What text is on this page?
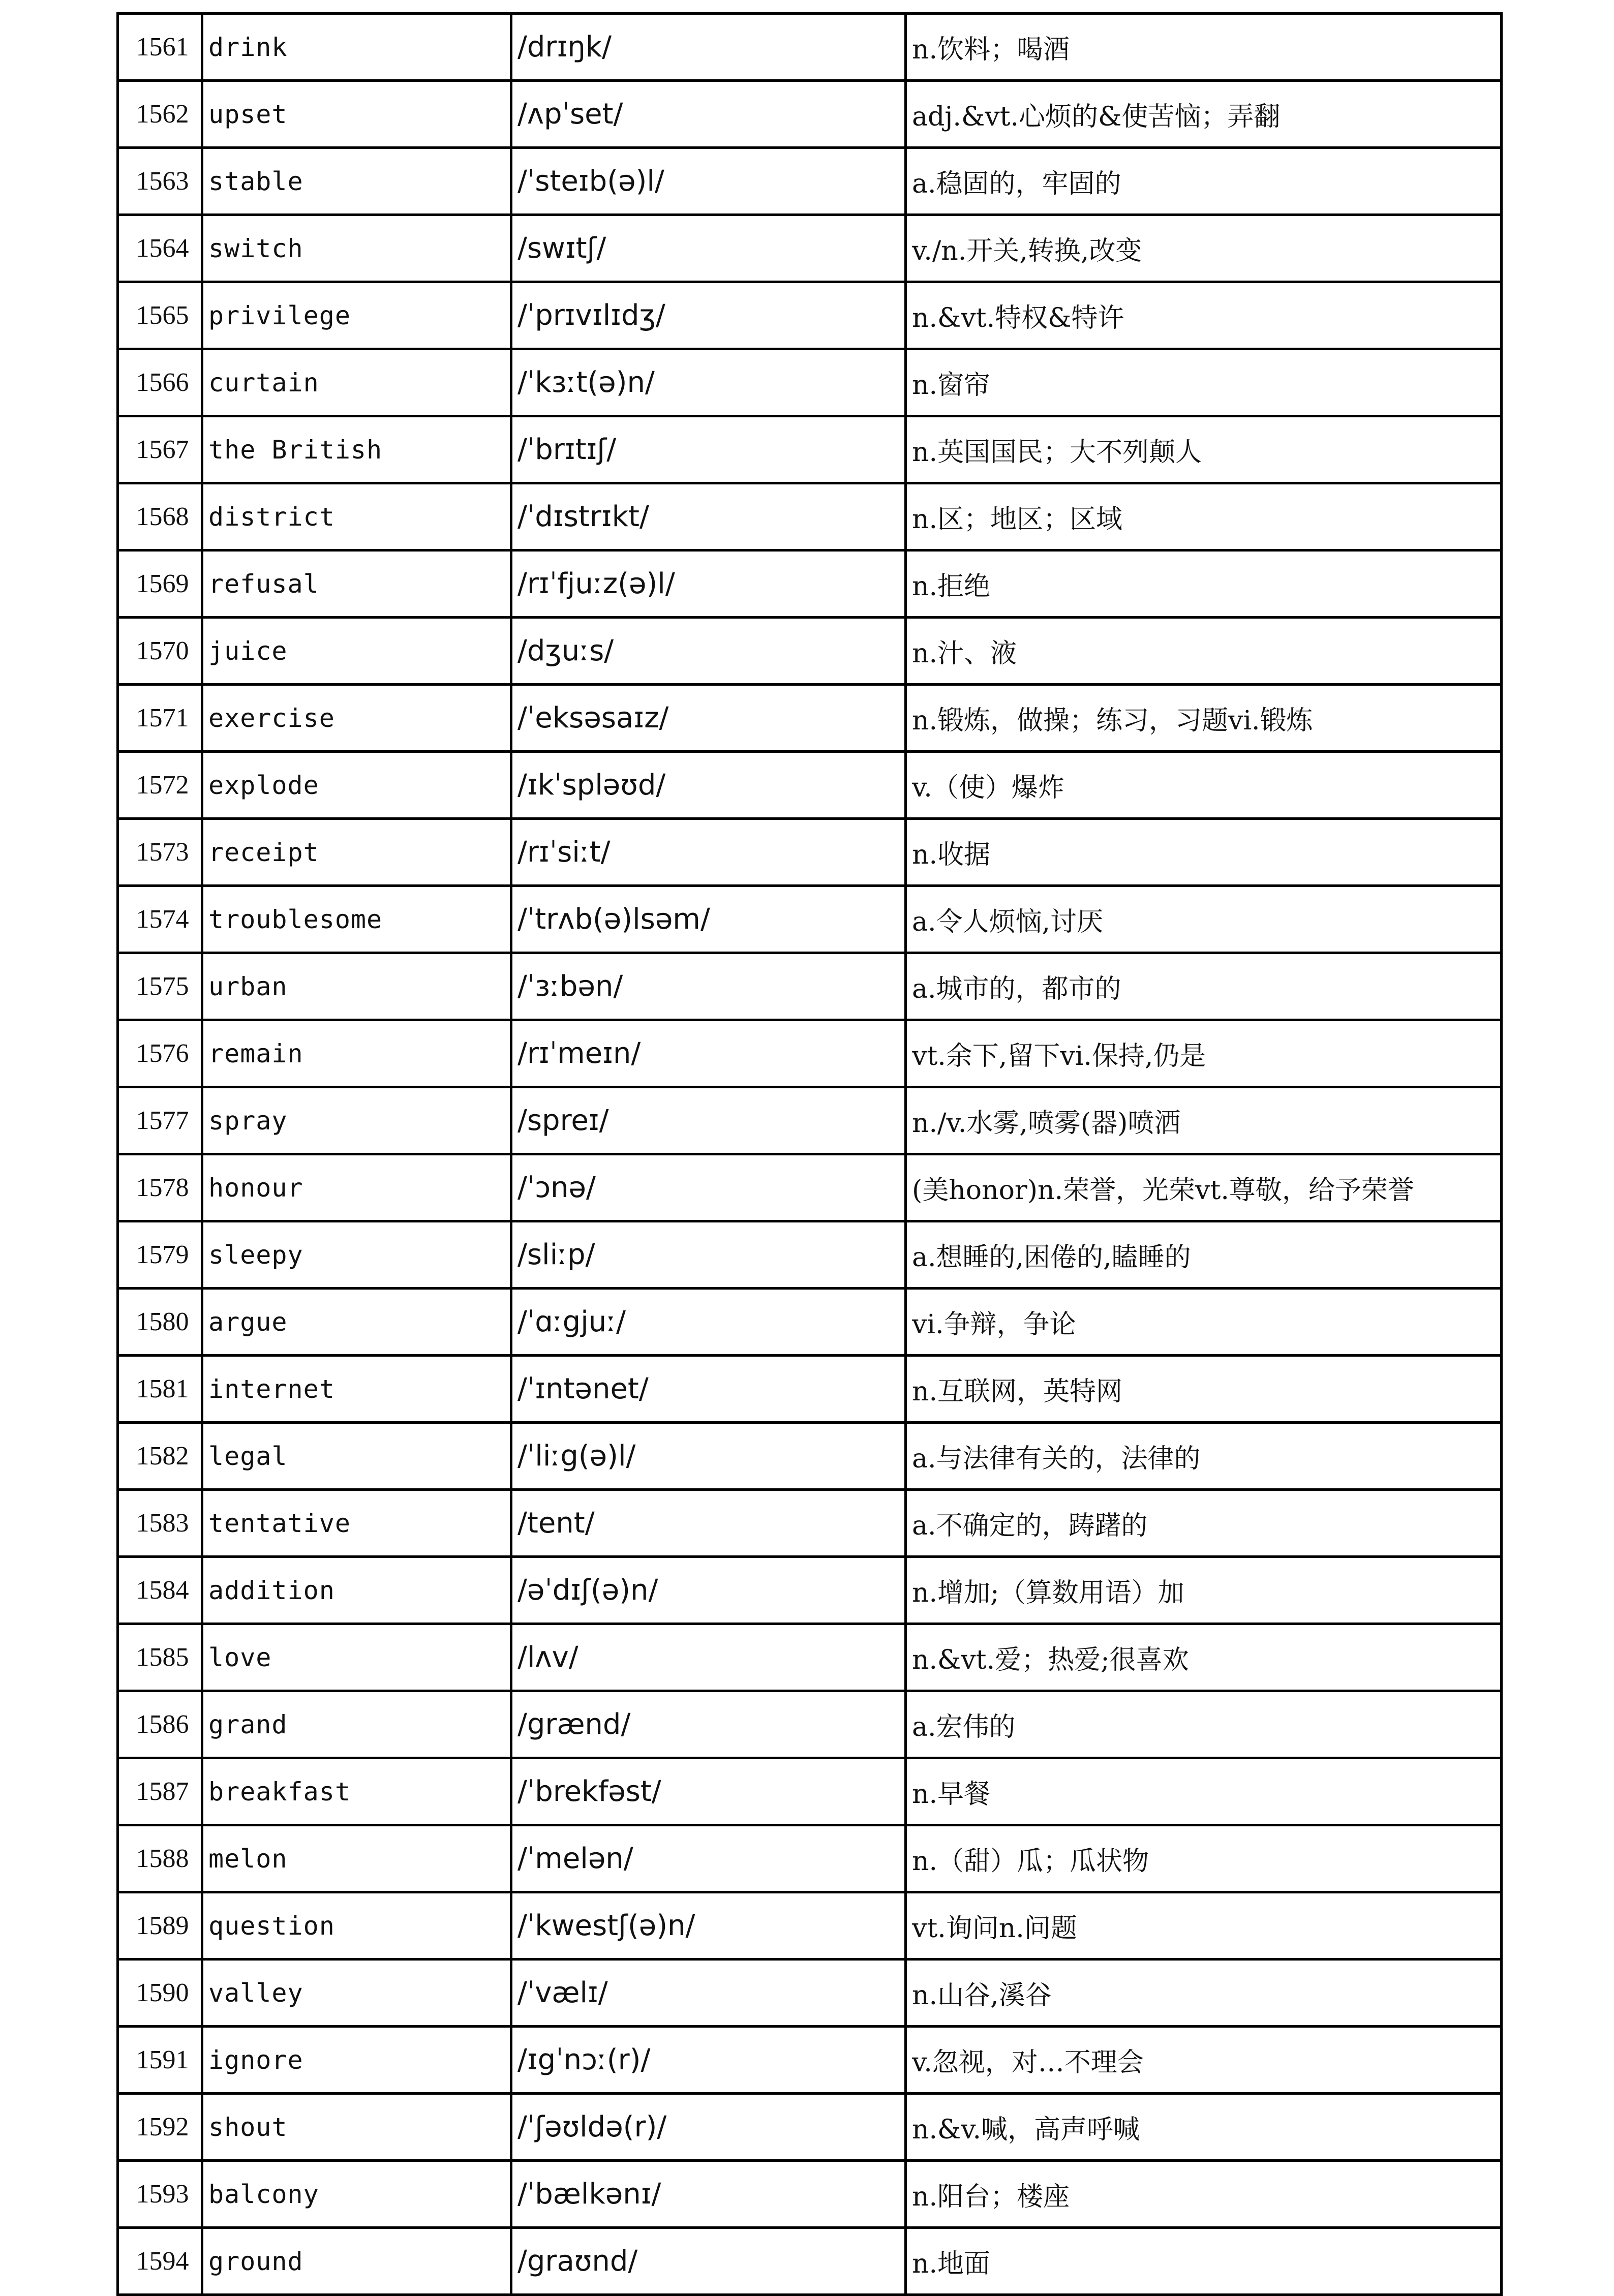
1561	drink	/drɪŋk/	n.饮料；喝酒
1562	upset	/ʌpˈset/	adj.&vt.心烦的&使苦恼；弄翻
1563	stable	/ˈsteɪb(ə)l/	a.稳固的，牢固的
1564	switch	/swɪtʃ/	v./n.开关,转换,改变
1565	privilege	/ˈprɪvɪlɪdʒ/	n.&vt.特权&特许
1566	curtain	/ˈkɜːt(ə)n/	n.窗帘
1567	the British	/ˈbrɪtɪʃ/	n.英国国民；大不列颠人
1568	district	/ˈdɪstrɪkt/	n.区；地区；区域
1569	refusal	/rɪˈfjuːz(ə)l/	n.拒绝
1570	juice	/dʒuːs/	n.汁、液
1571	exercise	/ˈeksəsaɪz/	n.锻炼，做操；练习，习题vi.锻炼
1572	explode	/ɪkˈspləʊd/	v.（使）爆炸
1573	receipt	/rɪˈsiːt/	n.收据
1574	troublesome	/ˈtrʌb(ə)lsəm/	a.令人烦恼,讨厌
1575	urban	/ˈɜːbən/	a.城市的，都市的
1576	remain	/rɪˈmeɪn/	vt.余下,留下vi.保持,仍是
1577	spray	/spreɪ/	n./v.水雾,喷雾(器)喷洒
1578	honour	/ˈɔnə/	(美honor)n.荣誉，光荣vt.尊敬，给予荣誉
1579	sleepy	/sliːp/	a.想睡的,困倦的,瞌睡的
1580	argue	/ˈɑːgjuː/	vi.争辩，争论
1581	internet	/ˈɪntənet/	n.互联网，英特网
1582	legal	/ˈliːg(ə)l/	a.与法律有关的，法律的
1583	tentative	/tent/	a.不确定的，踌躇的
1584	addition	/əˈdɪʃ(ə)n/	n.增加;（算数用语）加
1585	love	/lʌv/	n.&vt.爱；热爱;很喜欢
1586	grand	/grænd/	a.宏伟的
1587	breakfast	/ˈbrekfəst/	n.早餐
1588	melon	/ˈmelən/	n.（甜）瓜；瓜状物
1589	question	/ˈkwestʃ(ə)n/	vt.询问n.问题
1590	valley	/ˈvælɪ/	n.山谷,溪谷
1591	ignore	/ɪgˈnɔː(r)/	v.忽视，对…不理会
1592	shout	/ˈʃəʊldə(r)/	n.&v.喊，高声呼喊
1593	balcony	/ˈbælkənɪ/	n.阳台；楼座
1594	ground	/graʊnd/	n.地面
